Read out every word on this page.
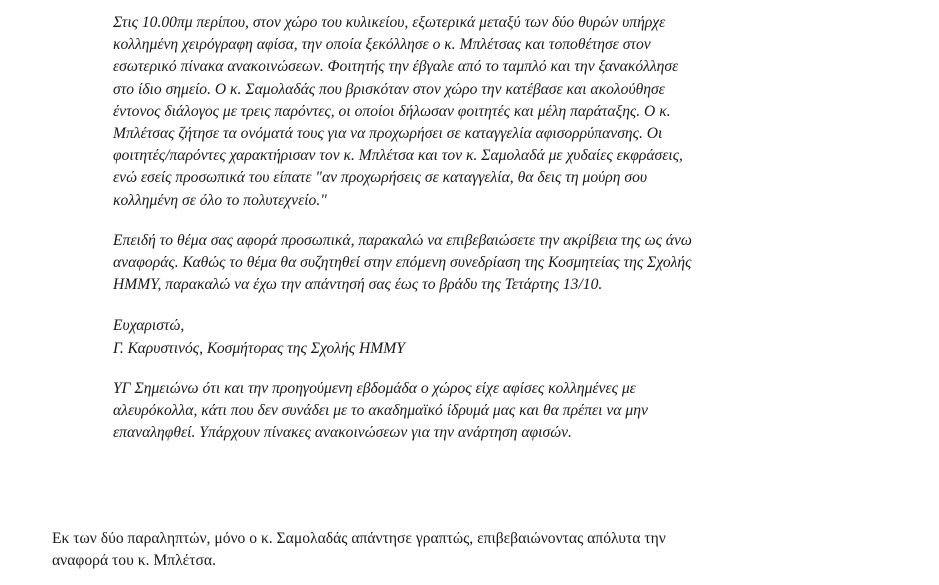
Στις 10.00πμ περίπου, στον χώρο του κυλικείου, εξωτερικά μεταξύ των δύο θυρών υπήρχε
κολλημένη χειρόγραφη αφίσα, την οποία ξεκόλλησε ο κ. Μπλέτσας και τοποθέτησε στον
εσωτερικό πίνακα ανακοινώσεων. Φοιτητής την έβγαλε από το ταμπλό και την ξανακόλλησε
στο ίδιο σημείο. Ο κ. Σαμολαδάς που βρισκόταν στον χώρο την κατέβασε και ακολούθησε
έντονος διάλογος με τρεις παρόντες, οι οποίοι δήλωσαν φοιτητές και μέλη παράταξης. Ο κ.
Μπλέτσας ζήτησε τα ονόματά τους για να προχωρήσει σε καταγγελία αφισορρύπανσης. Οι
φοιτητές/παρόντες χαρακτήρισαν τον κ. Μπλέτσα και τον κ. Σαμολαδά με χυδαίες εκφράσεις,
ενώ εσείς προσωπικά του είπατε "αν προχωρήσεις σε καταγγελία, θα δεις τη μούρη σου
κολλημένη σε όλο το πολυτεχνείο."

Επειδή το θέμα σας αφορά προσωπικά, παρακαλώ να επιβεβαιώσετε την ακρίβεια της ως άνω
αναφοράς. Καθώς το θέμα θα συζητηθεί στην επόμενη συνεδρίαση της Κοσμητείας της Σχολής
ΗΜΜΥ, παρακαλώ να έχω την απάντησή σας έως το βράδυ της Τετάρτης 13/10.

Ευχαριστώ,

Γ. Καρυστινός, Κοσμήτορας της Σχολής ΗΜΜΥ

ΥΓ Σημειώνω ότι και την προηγούμενη εβδομάδα ο χώρος είχε αφίσες κολλημένες με
αλευρόκολλα, κάτι που δεν συνάδει με το ακαδημαϊκό ίδρυμά μας και θα πρέπει να μην
επαναληφθεί. Υπάρχουν πίνακες ανακοινώσεων για την ανάρτηση αφισών.

Εκ των δύο παραληπτών, μόνο ο κ. Σαμολαδάς απάντησε γραπτώς, επιβεβαιώνοντας απόλυτα την
αναφορά του κ. Μπλέτσα.
